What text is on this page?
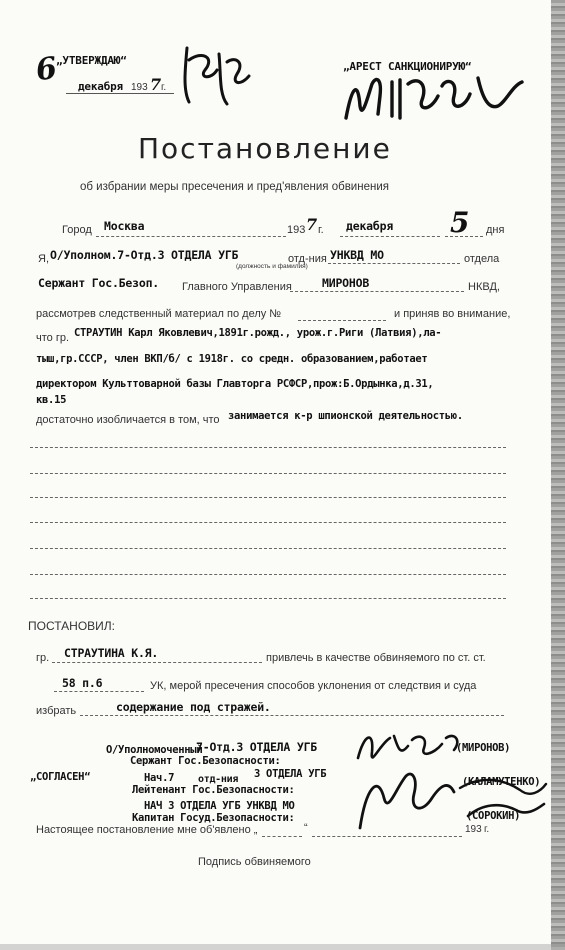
6
„УТВЕРЖДАЮ“
декабря 193 7 г.
„АРЕСТ САНКЦИОНИРУЮ“
Постановление
об избрании меры пресечения и пред'явления обвинения
Город Москва	193 7 г. декабря 5 дня
Я, О/Уполном.7-Отд.3 ОТДЕЛА УГБ
(должность и фамилия)
отд-ния УНКВД МО	отдела
Сержант Гос.Безоп. Главного Управления	МИРОНОВ	НКВД,
рассмотрев следственный материал по делу №	и приняв во внимание,
что гр. СТРАУТИН Карл Яковлевич,1891г.рожд., урож.г.Риги (Латвия),ла-
тыш,гр.СССР, член ВКП/б/ с 1918г. со средн. образованием,работает
директором Культтоварной базы Главторга РСФСР,прож:Б.Ордынка,д.31,
кв.15
достаточно изобличается в том, что занимается к-р шпионской деятельностью.
ПОСТАНОВИЛ:
гр. СТРАУТИНА К.Я.	привлечь в качестве обвиняемого по ст. ст.
58 п.6	УК, мерой пресечения способов уклонения от следствия и суда
избрать	содержание под стражей.
О/Уполномоченный
7-Отд.3 ОТДЕЛА УГБ	(МИРОНОВ)
Сержант Гос.Безопасности:
„СОГЛАСЕН“	Нач.7 отд-ния 3 ОТДЕЛА УГБ
(КАЛАМУТЕНКО)
Лейтенант Гос.Безопасности:
НАЧ 3 ОТДЕЛА УГБ УНКВД МО
Капитан Госуд.Безопасности:	(СОРОКИН)
Настоящее постановление мне об'явлено „	“	193 г.
Подпись обвиняемого
